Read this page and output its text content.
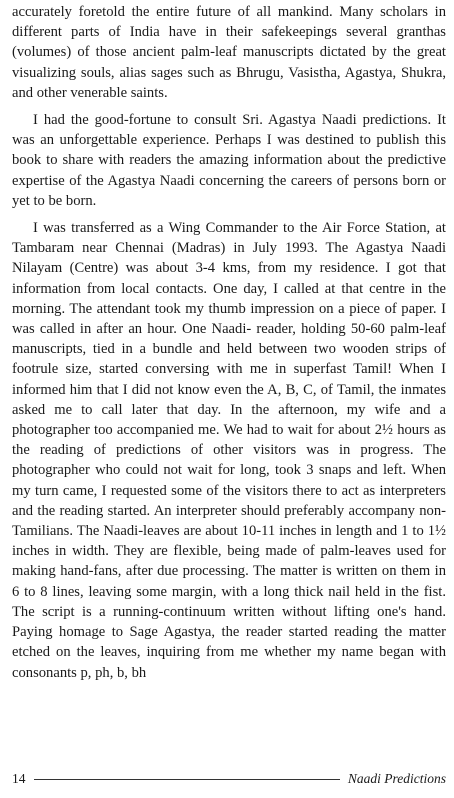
accurately foretold the entire future of all mankind. Many scholars in different parts of India have in their safekeepings several granthas (volumes) of those ancient palm-leaf manuscripts dictated by the great visualizing souls, alias sages such as Bhrugu, Vasistha, Agastya, Shukra, and other venerable saints.

I had the good-fortune to consult Sri. Agastya Naadi predictions. It was an unforgettable experience. Perhaps I was destined to publish this book to share with readers the amazing information about the predictive expertise of the Agastya Naadi concerning the careers of persons born or yet to be born.

I was transferred as a Wing Commander to the Air Force Station, at Tambaram near Chennai (Madras) in July 1993. The Agastya Naadi Nilayam (Centre) was about 3-4 kms, from my residence. I got that information from local contacts. One day, I called at that centre in the morning. The attendant took my thumb impression on a piece of paper. I was called in after an hour. One Naadi- reader, holding 50-60 palm-leaf manuscripts, tied in a bundle and held between two wooden strips of footrule size, started conversing with me in superfast Tamil! When I informed him that I did not know even the A, B, C, of Tamil, the inmates asked me to call later that day. In the afternoon, my wife and a photographer too accompanied me. We had to wait for about 2½ hours as the reading of predictions of other visitors was in progress. The photographer who could not wait for long, took 3 snaps and left. When my turn came, I requested some of the visitors there to act as interpreters and the reading started. An interpreter should preferably accompany non-Tamilians. The Naadi-leaves are about 10-11 inches in length and 1 to 1½ inches in width. They are flexible, being made of palm-leaves used for making hand-fans, after due processing. The matter is written on them in 6 to 8 lines, leaving some margin, with a long thick nail held in the fist. The script is a running-continuum written without lifting one's hand. Paying homage to Sage Agastya, the reader started reading the matter etched on the leaves, inquiring from me whether my name began with consonants p, ph, b, bh

14	Naadi Predictions
